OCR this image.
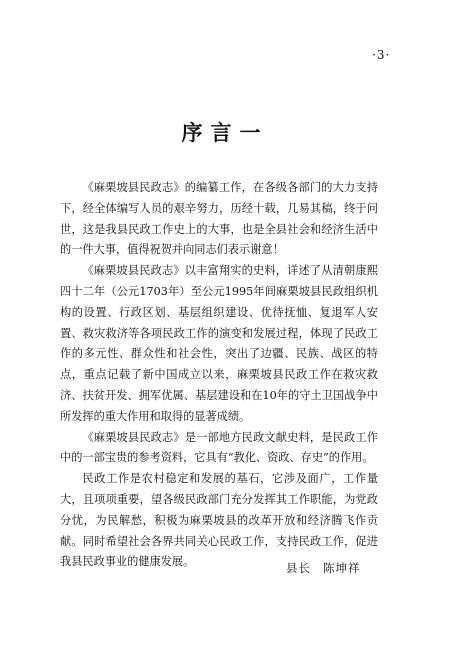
·3·
序言一

《麻栗坡县民政志》的编纂工作，在各级各部门的大力支持下，经全体编写人员的艰辛努力，历经十载，几易其稿，终于问世，这是我县民政工作史上的大事，也是全县社会和经济生活中的一件大事，值得祝贺并向同志们表示谢意！

《麻栗坡县民政志》以丰富翔实的史料，详述了从清朝康熙四十二年（公元1703年）至公元1995年间麻栗坡县民政组织机构的设置、行政区划、基层组织建设、优待抚恤、复退军人安置、救灾救济等各项民政工作的演变和发展过程，体现了民政工作的多元性、群众性和社会性，突出了边疆、民族、战区的特点，重点记载了新中国成立以来，麻栗坡县民政工作在救灾救济、扶贫开发、拥军优属、基层建设和在10年的守土卫国战争中所发挥的重大作用和取得的显著成绩。

《麻栗坡县民政志》是一部地方民政文献史料，是民政工作中的一部宝贵的参考资料，它具有“教化、资政、存史”的作用。

民政工作是农村稳定和发展的基石，它涉及面广，工作量大，且项项重要，望各级民政部门充分发挥其工作职能，为党政分忧，为民解愁，积极为麻栗坡县的改革开放和经济腾飞作贡献。同时希望社会各界共同关心民政工作，支持民政工作，促进我县民政事业的健康发展。	县长 陈坤祥
